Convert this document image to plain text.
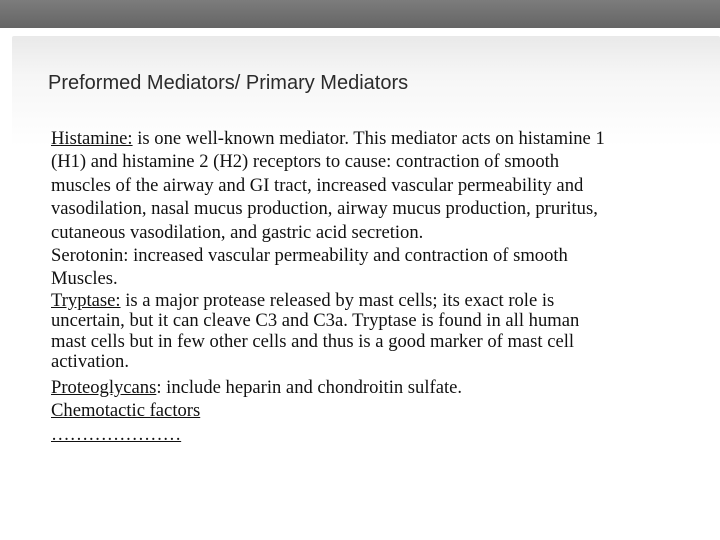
Preformed Mediators/ Primary Mediators

Histamine: is one well-known mediator. This mediator acts on histamine 1

(H1) and histamine 2 (H2) receptors to cause: contraction of smooth

muscles of the airway and GI tract, increased vascular permeability and

vasodilation, nasal mucus production, airway mucus production, pruritus,

cutaneous vasodilation, and gastric acid secretion.

Serotonin: increased vascular permeability and contraction of smooth

Muscles.

Tryptase: is a major protease released by mast cells; its exact role is

uncertain, but it can cleave C3 and C3a. Tryptase is found in all human

mast cells but in few other cells and thus is a good marker of mast cell

activation.

Proteoglycans: include heparin and chondroitin sulfate.

Chemotactic factors

…………………
